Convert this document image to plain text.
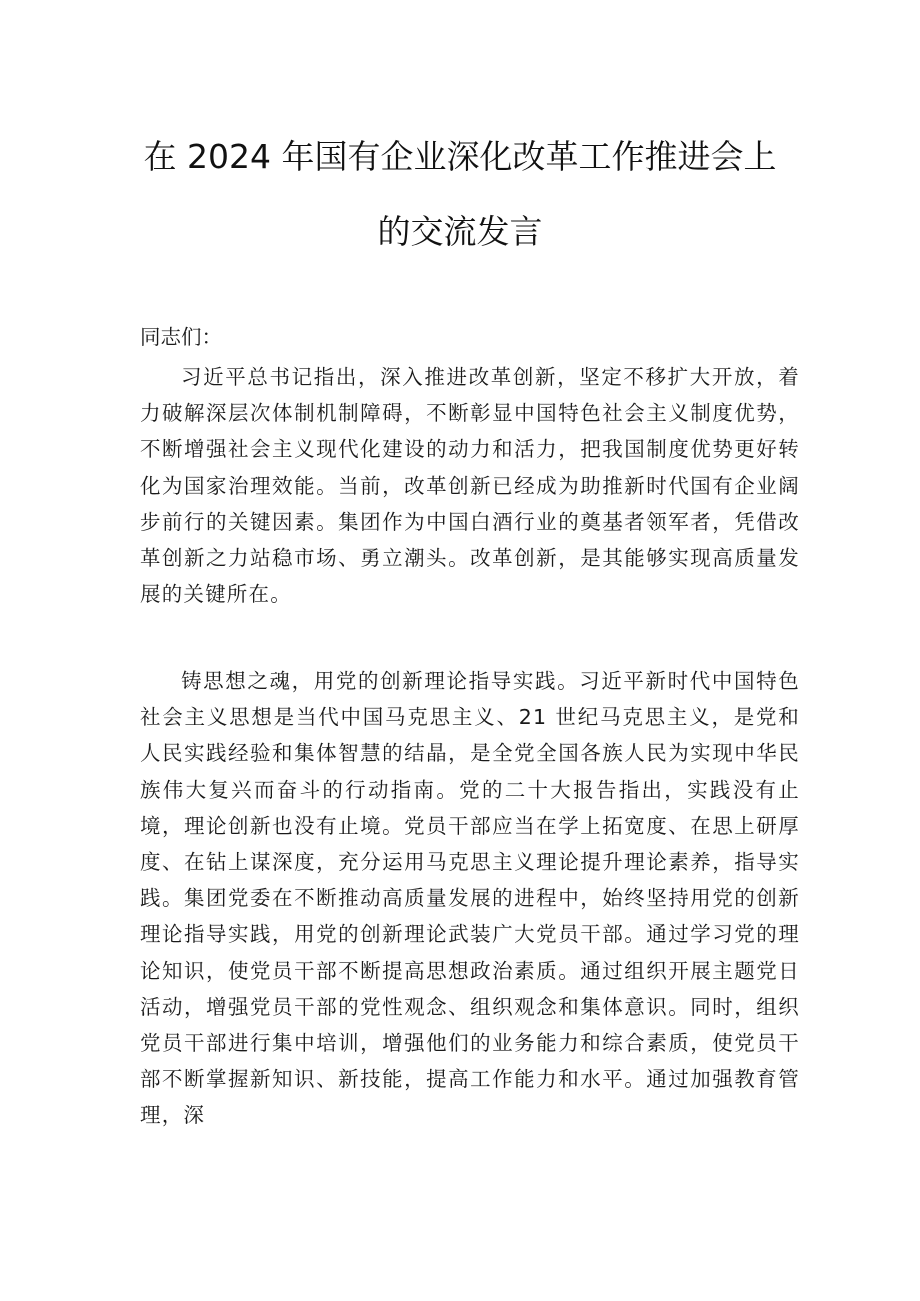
在 2024 年国有企业深化改革工作推进会上
的交流发言
同志们：

习近平总书记指出，深入推进改革创新，坚定不移扩大开放，着力破解深层次体制机制障碍，不断彰显中国特色社会主义制度优势，不断增强社会主义现代化建设的动力和活力，把我国制度优势更好转化为国家治理效能。当前，改革创新已经成为助推新时代国有企业阔步前行的关键因素。集团作为中国白酒行业的奠基者领军者，凭借改革创新之力站稳市场、勇立潮头。改革创新，是其能够实现高质量发展的关键所在。

铸思想之魂，用党的创新理论指导实践。习近平新时代中国特色社会主义思想是当代中国马克思主义、21 世纪马克思主义，是党和人民实践经验和集体智慧的结晶，是全党全国各族人民为实现中华民族伟大复兴而奋斗的行动指南。党的二十大报告指出，实践没有止境，理论创新也没有止境。党员干部应当在学上拓宽度、在思上研厚度、在钻上谋深度，充分运用马克思主义理论提升理论素养，指导实践。集团党委在不断推动高质量发展的进程中，始终坚持用党的创新理论指导实践，用党的创新理论武装广大党员干部。通过学习党的理论知识，使党员干部不断提高思想政治素质。通过组织开展主题党日活动，增强党员干部的党性观念、组织观念和集体意识。同时，组织党员干部进行集中培训，增强他们的业务能力和综合素质，使党员干部不断掌握新知识、新技能，提高工作能力和水平。通过加强教育管理，深
